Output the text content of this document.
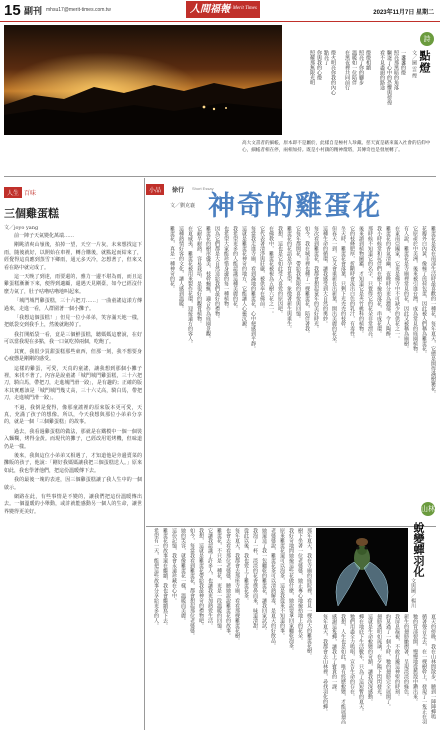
15 副刊 mhsu17@merit-times.com.tw	人間福報
The Merit Times
2023年11月7日 星期二
高大文書者的細帳，原本即不是屬於，此樣自是極村人珍藏。慈天賓是藉來滿入社會的信仰中心，細帳者相在停，兩相加持。既是小村鎮的精神燈塔，其傳奇也是發展轉了。
詩
點燈
文／圖 雲 煙
一盞盞的燈
照亮那黑暗的角落
驅逐了心中的恐懼與徬徨
看不見盡頭的路途

燈燈相續
照亮了你的腳步
溫暖如一位陪伴
在黑夜裡共同前行

燈火明亮你我的內心
點亮了
你與我的心燈
照耀那無限光明
人生 百味
三個雞蛋糕
文／joyo yang

前一陣子天氣變化萬端……

剛眺清爽山嶺後，拍掉一望，天空一片灰，未來想找這下雨，隨後就好，以開始在車裡，轉合購後，就點起而結來了，經覺得這真應到蒸雪下鄉雨，通元多天冷，怎想著了，但來又看在路中就完成了。

這一天晚了到達，雨要還的，雅力一邊不堪為雨，而且這雞蛋糕漸漸下來，便得到適顧，還遇天見剛臺，如今已經沒什麼力氣了，肚子咕嚕咕嚕地叫起來。

「城門城門雞蛋糕，三十六把刀……」一曲童謠這漾方傳過來，走進一看，人群圍著一個小攤子。

「我想這個蛋糕！」但見一位小弟弟，笑容滿天地一樣，把紙袋交到我手上，然後就跑掉了。

我打開紙袋一看，竟是三個鮮蛋糕，聽媽媽這麼說，在好可以當我現在多點，我一口氣吃掉兩個，吃飽了。

其實，我很少買甜蛋糕那些東西，但那一刻，我不想要身心疲憊是剛剛的感受。

這樣的雞蛋，可愛，天真的童謠，讓我想到那個小攤子裡，來找不著了。內容是說童謠「城門城門雞蛋糕，三十六把刀，騎白馬，帶把刀，走進城門滑一跤」，是有趣的；正確的版本其實應該是「城門城門幾丈高，三十六丈高，騎白馬，帶把刀，走進城門滑一跤」。

不過，我倒是覺得，像那童謠裡的原來版本更可愛，天真，充滿了孩子的想像。所以，今天我想與那位小弟弟分享的，就是一個「三個雞蛋糕」的故事。

過去，我看過雞蛋糕的做法，那就是在鐵模中一個一個裝入麵糊，烤得金黃。而現代的攤子，已經改用電烤機，但味道仍是一樣。

後來，我與這位小弟弟又相遇了，才知道他是旁邊賣菜的攤販的孩子，他說：「剛好我媽媽讓我把三個蛋糕送人。」原來如此，我也學著他們，把這份溫暖傳下去。

我的最後一塊的表達，因三個雞蛋糕讓了我人生中的一個啟示。

網路在此，有些事情是不變的，讓我們把這份溫暖傳出去。一個溫暖的小舉動，或許就能感動另一個人的生命，讓世界變得更美好。

小品	徐行 Short Essay
文／劉克襄 神奇的雞蛋花
雞蛋花是我在南部生活時最喜歡的一種花，每年夏天，它總是開得滿樹繁花。
花瓣外白內黃，像極了煎荷包蛋，因此被人們稱為雞蛋花。
它原產於中美洲，後來被引進台灣，成為常見的庭園植物。
有人說，雞蛋花是寺廟裡常見的花，因此又被稱為廟樹。
在東南亞國家，它更是佛寺中不可缺少的供花之一。
雞蛋花的香氣清幽，夜晚時分更為濃郁，令人陶醉。
我小時候常和玩伴們在樹下撿拾落花，串成花環。
那時候不知道它的名字，只覺得它的花朵非常漂亮。
後來讀到植物圖鑑，才知道它是夾竹桃科的植物。
它的枝條肥厚，折斷時會流出白色的乳汁，有毒性。
冬天時，雞蛋花會落葉，只剩下光禿禿的枝幹。
但春天一到，它又會重新長出新葉，開出美麗的花朵。
這種生命的循環，讓我感受到大自然的奧妙。
每次看到雞蛋花，我都會想起童年的美好時光。
如今，我在城市裡也種了一棵雞蛋花，陪伴著我。
它每年都開花，帶給我無限的喜悅與回憶。
雞蛋花的花語是孕育希望，象徵著新生與重生。
我想，這也是它如此受人喜愛的原因吧。
在佛教中，雞蛋花被視為五樹六花之一。
它代表著清淨與莊嚴，被供奉在佛前。
每當我走進寺廟，看到滿地的雞蛋花，心中便感到平靜。
這就是雞蛋花神奇的地方，它能讓人心靈沉澱。
我希望更多的人能認識這種美麗的花。
也希望大家能珍惜身邊的每一種植物。
因為它們都是大自然送給我們最好的禮物。
雞蛋花的樹形優美，枝幹蜿蜒，適合作為庭園景觀。
它耐旱耐熱，容易栽培，是很好的觀賞植物。
在夏威夷，雞蛋花被用來製作花環，迎接遠方的客人。
這種熱情好客的文化，讓人感到溫暖。
雞蛋花，真是一種神奇的花。
那年夏天，我在寺廟的庭院裡，看見一棵高大的雞蛋花樹。
樹下坐著一位老婆婆，她正專心地撿拾地上的花朵。
我好奇地問她撿這些花做什麼，她說要拿回家曬乾泡茶。
原來雞蛋花還可以泡茶，這是我從來不知道的事。
老婆婆說，雞蛋花茶可以清熱解毒，是夏天的好飲品。
她還送了我一包曬乾的雞蛋花，讓我回家試試。
我泡了一杯，淡淡的花香撲鼻而來，味道清甜。
從此以後，我也愛上了雞蛋花茶。
每年夏天，我都會去那座寺廟，看看那棵雞蛋花樹。
也會去看看那位老婆婆，聽她說說雞蛋花的故事。
雞蛋花，不只是一種花，更是一段溫暖的回憶。
它讓我認識了許多人，也讓我更加熱愛生活。
我想，這就是雞蛋花帶給我最神奇的禮物吧。
如今，每當我看到雞蛋花，都會想起那位老婆婆。
她的笑容，就像雞蛋花一樣，溫暖而美麗。
這份記憶，我會永遠珍藏在心中。
雞蛋花的故事還在繼續，我也會繼續寫下去。
希望有一天，能把這些故事分享給更多的人。
山林
蛻變蟬羽化
文與圖／楊川
夏天的傍晚，我在山林間散步，聽到一陣陣蟬鳴
循著聲音走去，在一棵樹幹上，發現了一隻正在羽
牠的背部裂開，慢慢地從舊殼中鑽出來。
新生的翅膀皺摺著，呈現淡淡的綠色。
我屏息凝視，不敢打擾這神聖的時刻。
約莫過了一個小時，牠的翅膀完全展開了。
翅膀透明如琉璃，在夕陽下閃閃發光。
這就是生命蛻變的奇蹟，讓我深深感動。
蟬在地底下生活數年，只為了這短暫的夏天。
牠們用盡全力鳴唱，宣告生命的存在。
我想，人生也是如此，唯有經歷蛻變，才能展翅高
感謝這隻蟬，讓我上了寶貴的一課。
每年夏天，我都會去山林裡，尋找羽化的蟬。
